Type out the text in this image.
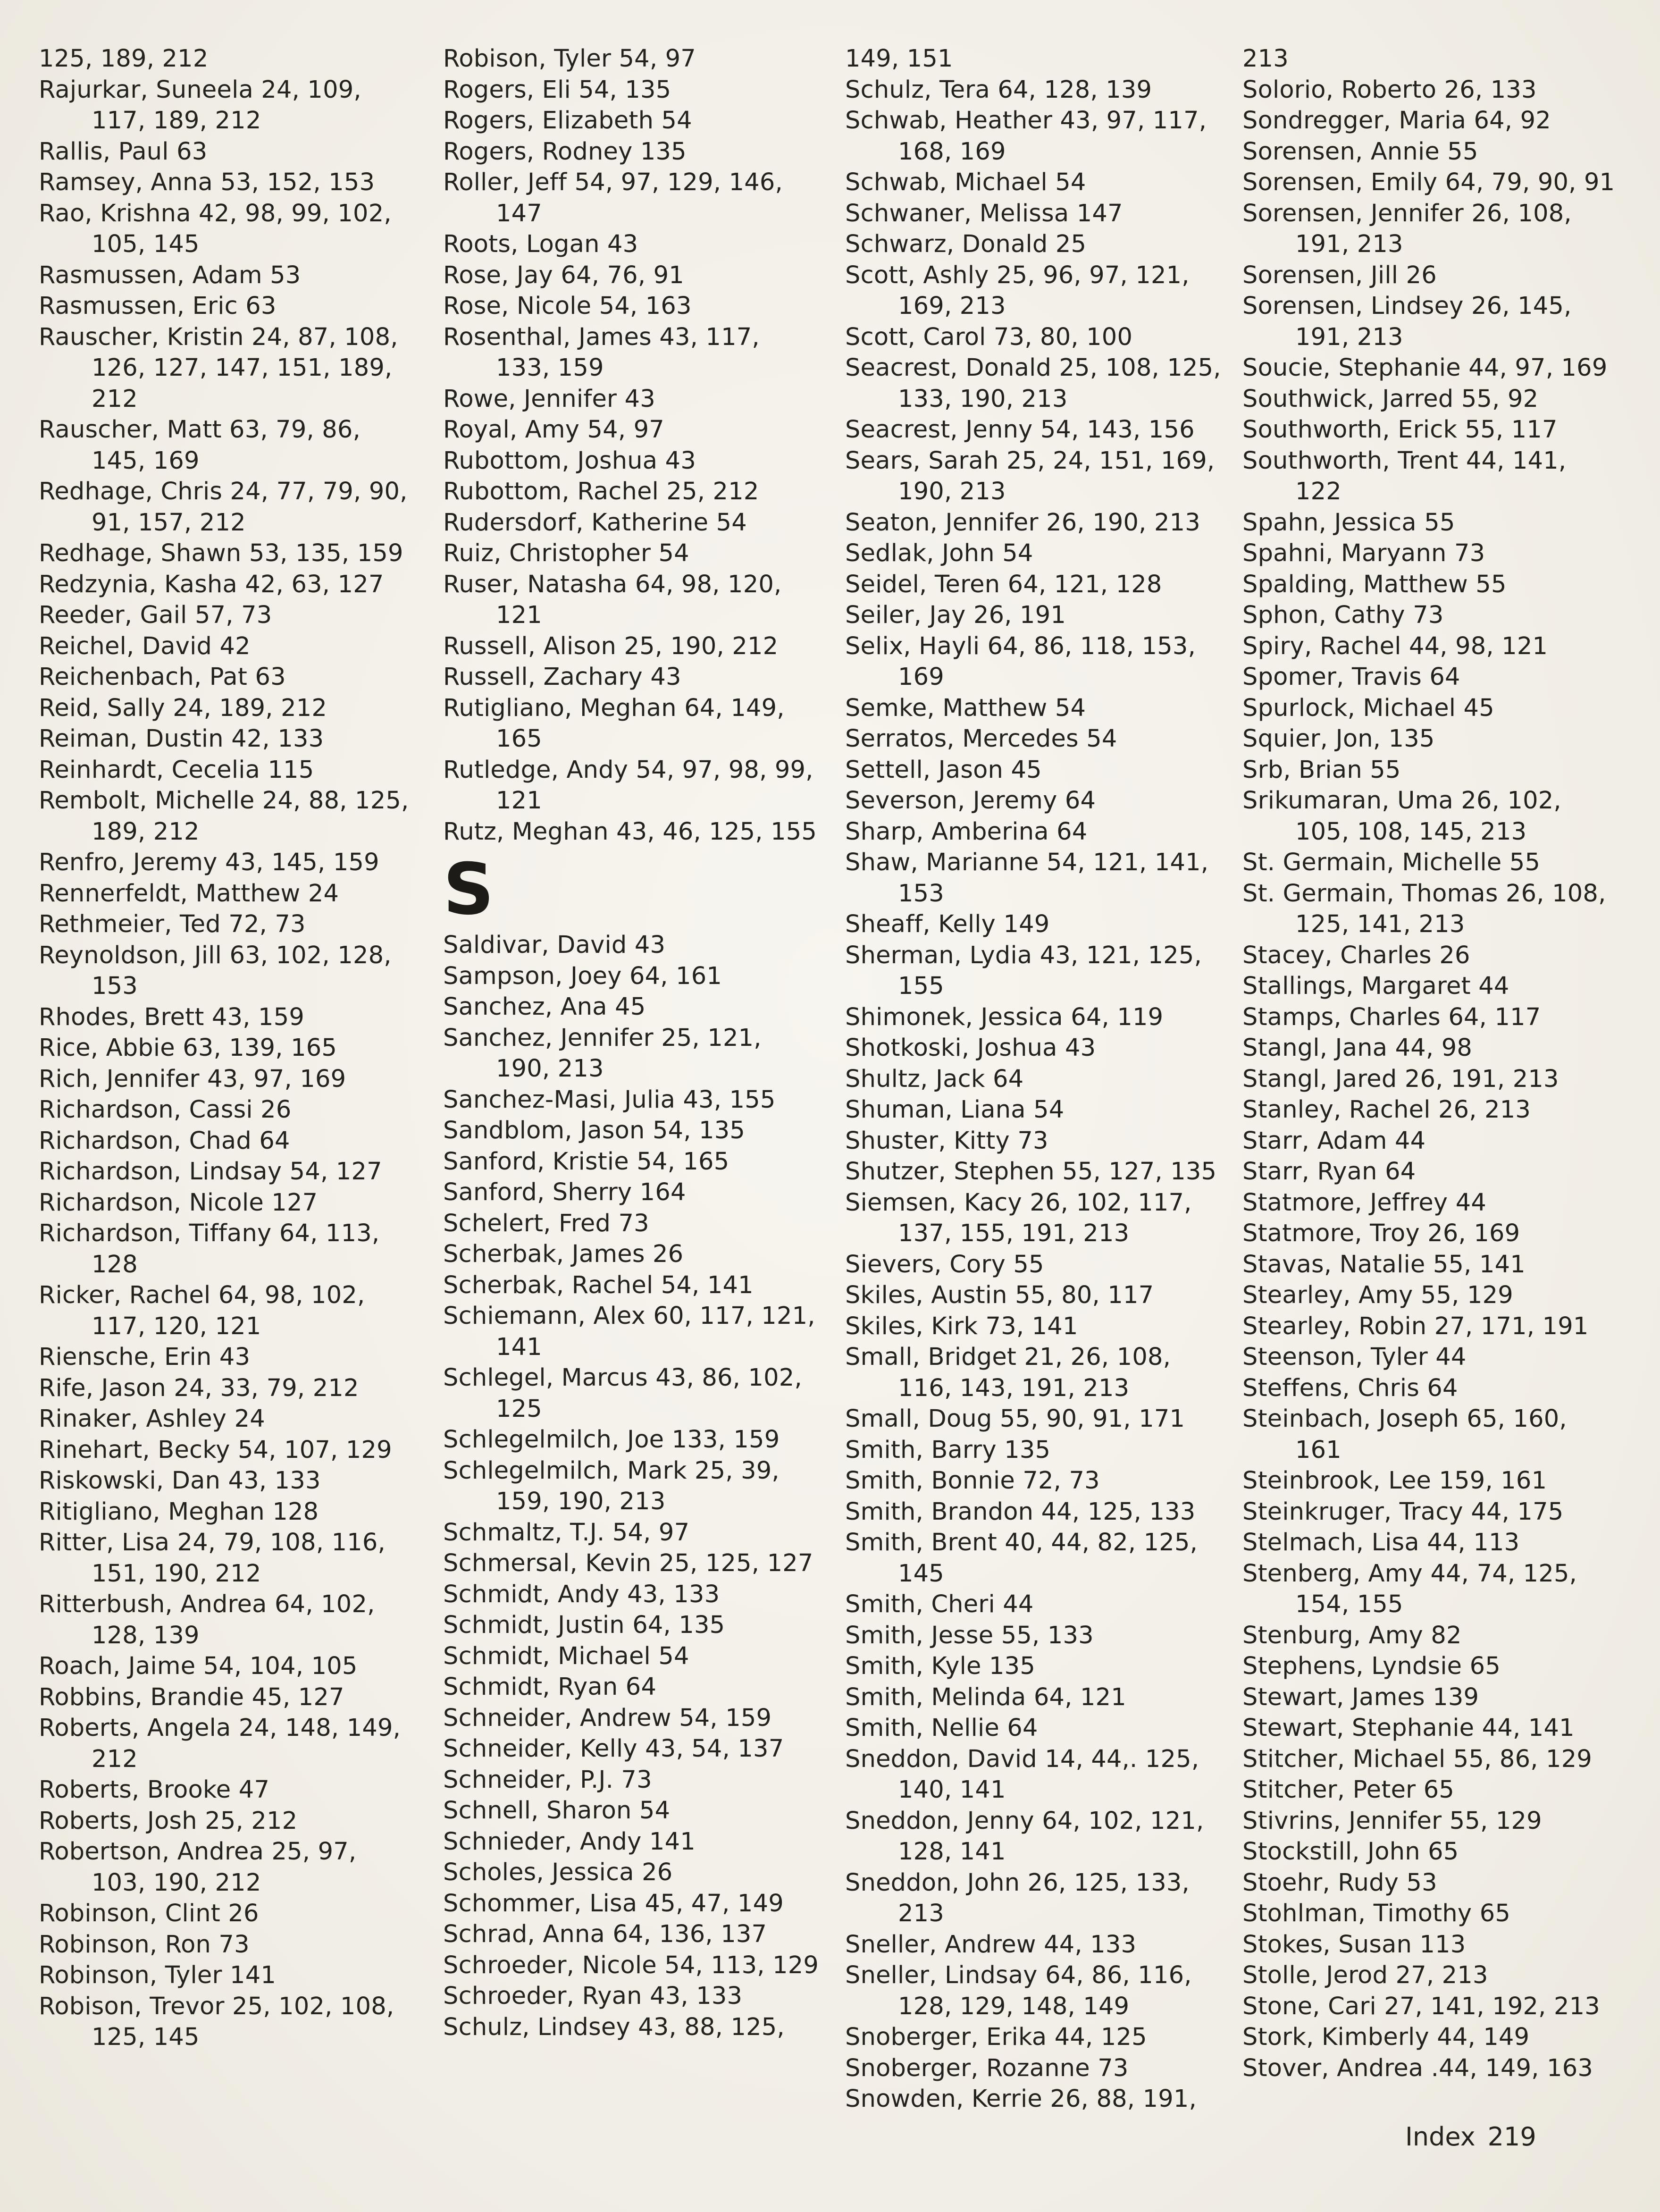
125, 189, 212
Rajurkar, Suneela 24, 109, 117, 189, 212
Rallis, Paul 63
Ramsey, Anna 53, 152, 153
Rao, Krishna 42, 98, 99, 102, 105, 145
Rasmussen, Adam 53
Rasmussen, Eric 63
Rauscher, Kristin 24, 87, 108, 126, 127, 147, 151, 189, 212
Rauscher, Matt 63, 79, 86, 145, 169
Redhage, Chris 24, 77, 79, 90, 91, 157, 212
Redhage, Shawn 53, 135, 159
Redzynia, Kasha 42, 63, 127
Reeder, Gail 57, 73
Reichel, David 42
Reichenbach, Pat 63
Reid, Sally 24, 189, 212
Reiman, Dustin 42, 133
Reinhardt, Cecelia 115
Rembolt, Michelle 24, 88, 125, 189, 212
Renfro, Jeremy 43, 145, 159
Rennerfeldt, Matthew 24
Rethmeier, Ted 72, 73
Reynoldson, Jill 63, 102, 128, 153
Rhodes, Brett 43, 159
Rice, Abbie 63, 139, 165
Rich, Jennifer 43, 97, 169
Richardson, Cassi 26
Richardson, Chad 64
Richardson, Lindsay 54, 127
Richardson, Nicole 127
Richardson, Tiffany 64, 113, 128
Ricker, Rachel 64, 98, 102, 117, 120, 121
Riensche, Erin 43
Rife, Jason 24, 33, 79, 212
Rinaker, Ashley 24
Rinehart, Becky 54, 107, 129
Riskowski, Dan 43, 133
Ritigliano, Meghan 128
Ritter, Lisa 24, 79, 108, 116, 151, 190, 212
Ritterbush, Andrea 64, 102, 128, 139
Roach, Jaime 54, 104, 105
Robbins, Brandie 45, 127
Roberts, Angela 24, 148, 149, 212
Roberts, Brooke 47
Roberts, Josh 25, 212
Robertson, Andrea 25, 97, 103, 190, 212
Robinson, Clint 26
Robinson, Ron 73
Robinson, Tyler 141
Robison, Trevor 25, 102, 108, 125, 145
Robison, Tyler 54, 97
Rogers, Eli 54, 135
Rogers, Elizabeth 54
Rogers, Rodney 135
Roller, Jeff 54, 97, 129, 146, 147
Roots, Logan 43
Rose, Jay 64, 76, 91
Rose, Nicole 54, 163
Rosenthal, James 43, 117, 133, 159
Rowe, Jennifer 43
Royal, Amy 54, 97
Rubottom, Joshua 43
Rubottom, Rachel 25, 212
Rudersdorf, Katherine 54
Ruiz, Christopher 54
Ruser, Natasha 64, 98, 120, 121
Russell, Alison 25, 190, 212
Russell, Zachary 43
Rutigliano, Meghan 64, 149, 165
Rutledge, Andy 54, 97, 98, 99, 121
Rutz, Meghan 43, 46, 125, 155
S
Saldivar, David 43
Sampson, Joey 64, 161
Sanchez, Ana 45
Sanchez, Jennifer 25, 121, 190, 213
Sanchez-Masi, Julia 43, 155
Sandblom, Jason 54, 135
Sanford, Kristie 54, 165
Sanford, Sherry 164
Schelert, Fred 73
Scherbak, James 26
Scherbak, Rachel 54, 141
Schiemann, Alex 60, 117, 121, 141
Schlegel, Marcus 43, 86, 102, 125
Schlegelmilch, Joe 133, 159
Schlegelmilch, Mark 25, 39, 159, 190, 213
Schmaltz, T.J. 54, 97
Schmersal, Kevin 25, 125, 127
Schmidt, Andy 43, 133
Schmidt, Justin 64, 135
Schmidt, Michael 54
Schmidt, Ryan 64
Schneider, Andrew 54, 159
Schneider, Kelly 43, 54, 137
Schneider, P.J. 73
Schnell, Sharon 54
Schnieder, Andy 141
Scholes, Jessica 26
Schommer, Lisa 45, 47, 149
Schrad, Anna 64, 136, 137
Schroeder, Nicole 54, 113, 129
Schroeder, Ryan 43, 133
Schulz, Lindsey 43, 88, 125,
149, 151
Schulz, Tera 64, 128, 139
Schwab, Heather 43, 97, 117, 168, 169
Schwab, Michael 54
Schwaner, Melissa 147
Schwarz, Donald 25
Scott, Ashly 25, 96, 97, 121, 169, 213
Scott, Carol 73, 80, 100
Seacrest, Donald 25, 108, 125, 133, 190, 213
Seacrest, Jenny 54, 143, 156
Sears, Sarah 25, 24, 151, 169, 190, 213
Seaton, Jennifer 26, 190, 213
Sedlak, John 54
Seidel, Teren 64, 121, 128
Seiler, Jay 26, 191
Selix, Hayli 64, 86, 118, 153, 169
Semke, Matthew 54
Serratos, Mercedes 54
Settell, Jason 45
Severson, Jeremy 64
Sharp, Amberina 64
Shaw, Marianne 54, 121, 141, 153
Sheaff, Kelly 149
Sherman, Lydia 43, 121, 125, 155
Shimonek, Jessica 64, 119
Shotkoski, Joshua 43
Shultz, Jack 64
Shuman, Liana 54
Shuster, Kitty 73
Shutzer, Stephen 55, 127, 135
Siemsen, Kacy 26, 102, 117, 137, 155, 191, 213
Sievers, Cory 55
Skiles, Austin 55, 80, 117
Skiles, Kirk 73, 141
Small, Bridget 21, 26, 108, 116, 143, 191, 213
Small, Doug 55, 90, 91, 171
Smith, Barry 135
Smith, Bonnie 72, 73
Smith, Brandon 44, 125, 133
Smith, Brent 40, 44, 82, 125, 145
Smith, Cheri 44
Smith, Jesse 55, 133
Smith, Kyle 135
Smith, Melinda 64, 121
Smith, Nellie 64
Sneddon, David 14, 44,. 125, 140, 141
Sneddon, Jenny 64, 102, 121, 128, 141
Sneddon, John 26, 125, 133, 213
Sneller, Andrew 44, 133
Sneller, Lindsay 64, 86, 116, 128, 129, 148, 149
Snoberger, Erika 44, 125
Snoberger, Rozanne 73
Snowden, Kerrie 26, 88, 191,
213
Solorio, Roberto 26, 133
Sondregger, Maria 64, 92
Sorensen, Annie 55
Sorensen, Emily 64, 79, 90, 91
Sorensen, Jennifer 26, 108, 191, 213
Sorensen, Jill 26
Sorensen, Lindsey 26, 145, 191, 213
Soucie, Stephanie 44, 97, 169
Southwick, Jarred 55, 92
Southworth, Erick 55, 117
Southworth, Trent 44, 141, 122
Spahn, Jessica 55
Spahni, Maryann 73
Spalding, Matthew 55
Sphon, Cathy 73
Spiry, Rachel 44, 98, 121
Spomer, Travis 64
Spurlock, Michael 45
Squier, Jon, 135
Srb, Brian 55
Srikumaran, Uma 26, 102, 105, 108, 145, 213
St. Germain, Michelle 55
St. Germain, Thomas 26, 108, 125, 141, 213
Stacey, Charles 26
Stallings, Margaret 44
Stamps, Charles 64, 117
Stangl, Jana 44, 98
Stangl, Jared 26, 191, 213
Stanley, Rachel 26, 213
Starr, Adam 44
Starr, Ryan 64
Statmore, Jeffrey 44
Statmore, Troy 26, 169
Stavas, Natalie 55, 141
Stearley, Amy 55, 129
Stearley, Robin 27, 171, 191
Steenson, Tyler 44
Steffens, Chris 64
Steinbach, Joseph 65, 160, 161
Steinbrook, Lee 159, 161
Steinkruger, Tracy 44, 175
Stelmach, Lisa 44, 113
Stenberg, Amy 44, 74, 125, 154, 155
Stenburg, Amy 82
Stephens, Lyndsie 65
Stewart, James 139
Stewart, Stephanie 44, 141
Stitcher, Michael 55, 86, 129
Stitcher, Peter 65
Stivrins, Jennifer 55, 129
Stockstill, John 65
Stoehr, Rudy 53
Stohlman, Timothy 65
Stokes, Susan 113
Stolle, Jerod 27, 213
Stone, Cari 27, 141, 192, 213
Stork, Kimberly 44, 149
Stover, Andrea .44, 149, 163
Index 219
